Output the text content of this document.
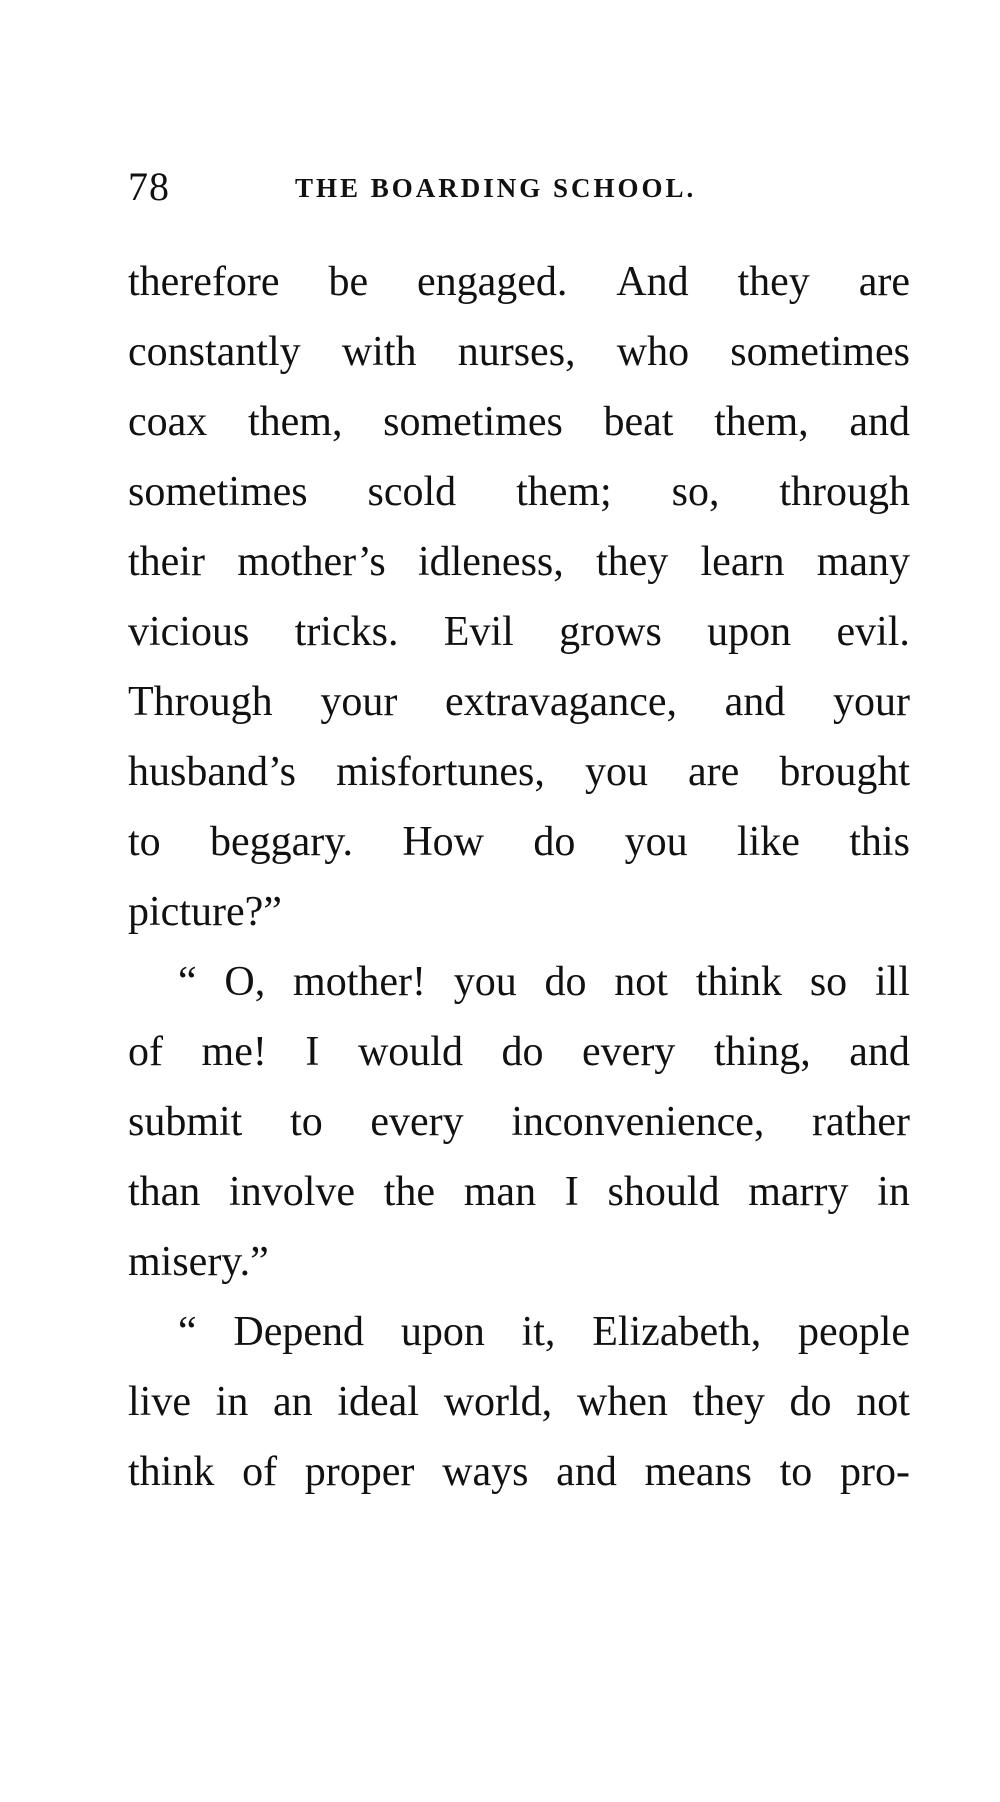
78	THE BOARDING SCHOOL.
therefore be engaged. And they are
constantly with nurses, who sometimes
coax them, sometimes beat them, and
sometimes scold them; so, through
their mother’s idleness, they learn many
vicious tricks. Evil grows upon evil.
Through your extravagance, and your
husband’s misfortunes, you are brought
to beggary. How do you like this
picture?”
“ O, mother! you do not think so ill
of me! I would do every thing, and
submit to every inconvenience, rather
than involve the man I should marry in
misery.”
“ Depend upon it, Elizabeth, people
live in an ideal world, when they do not
think of proper ways and means to pro-
